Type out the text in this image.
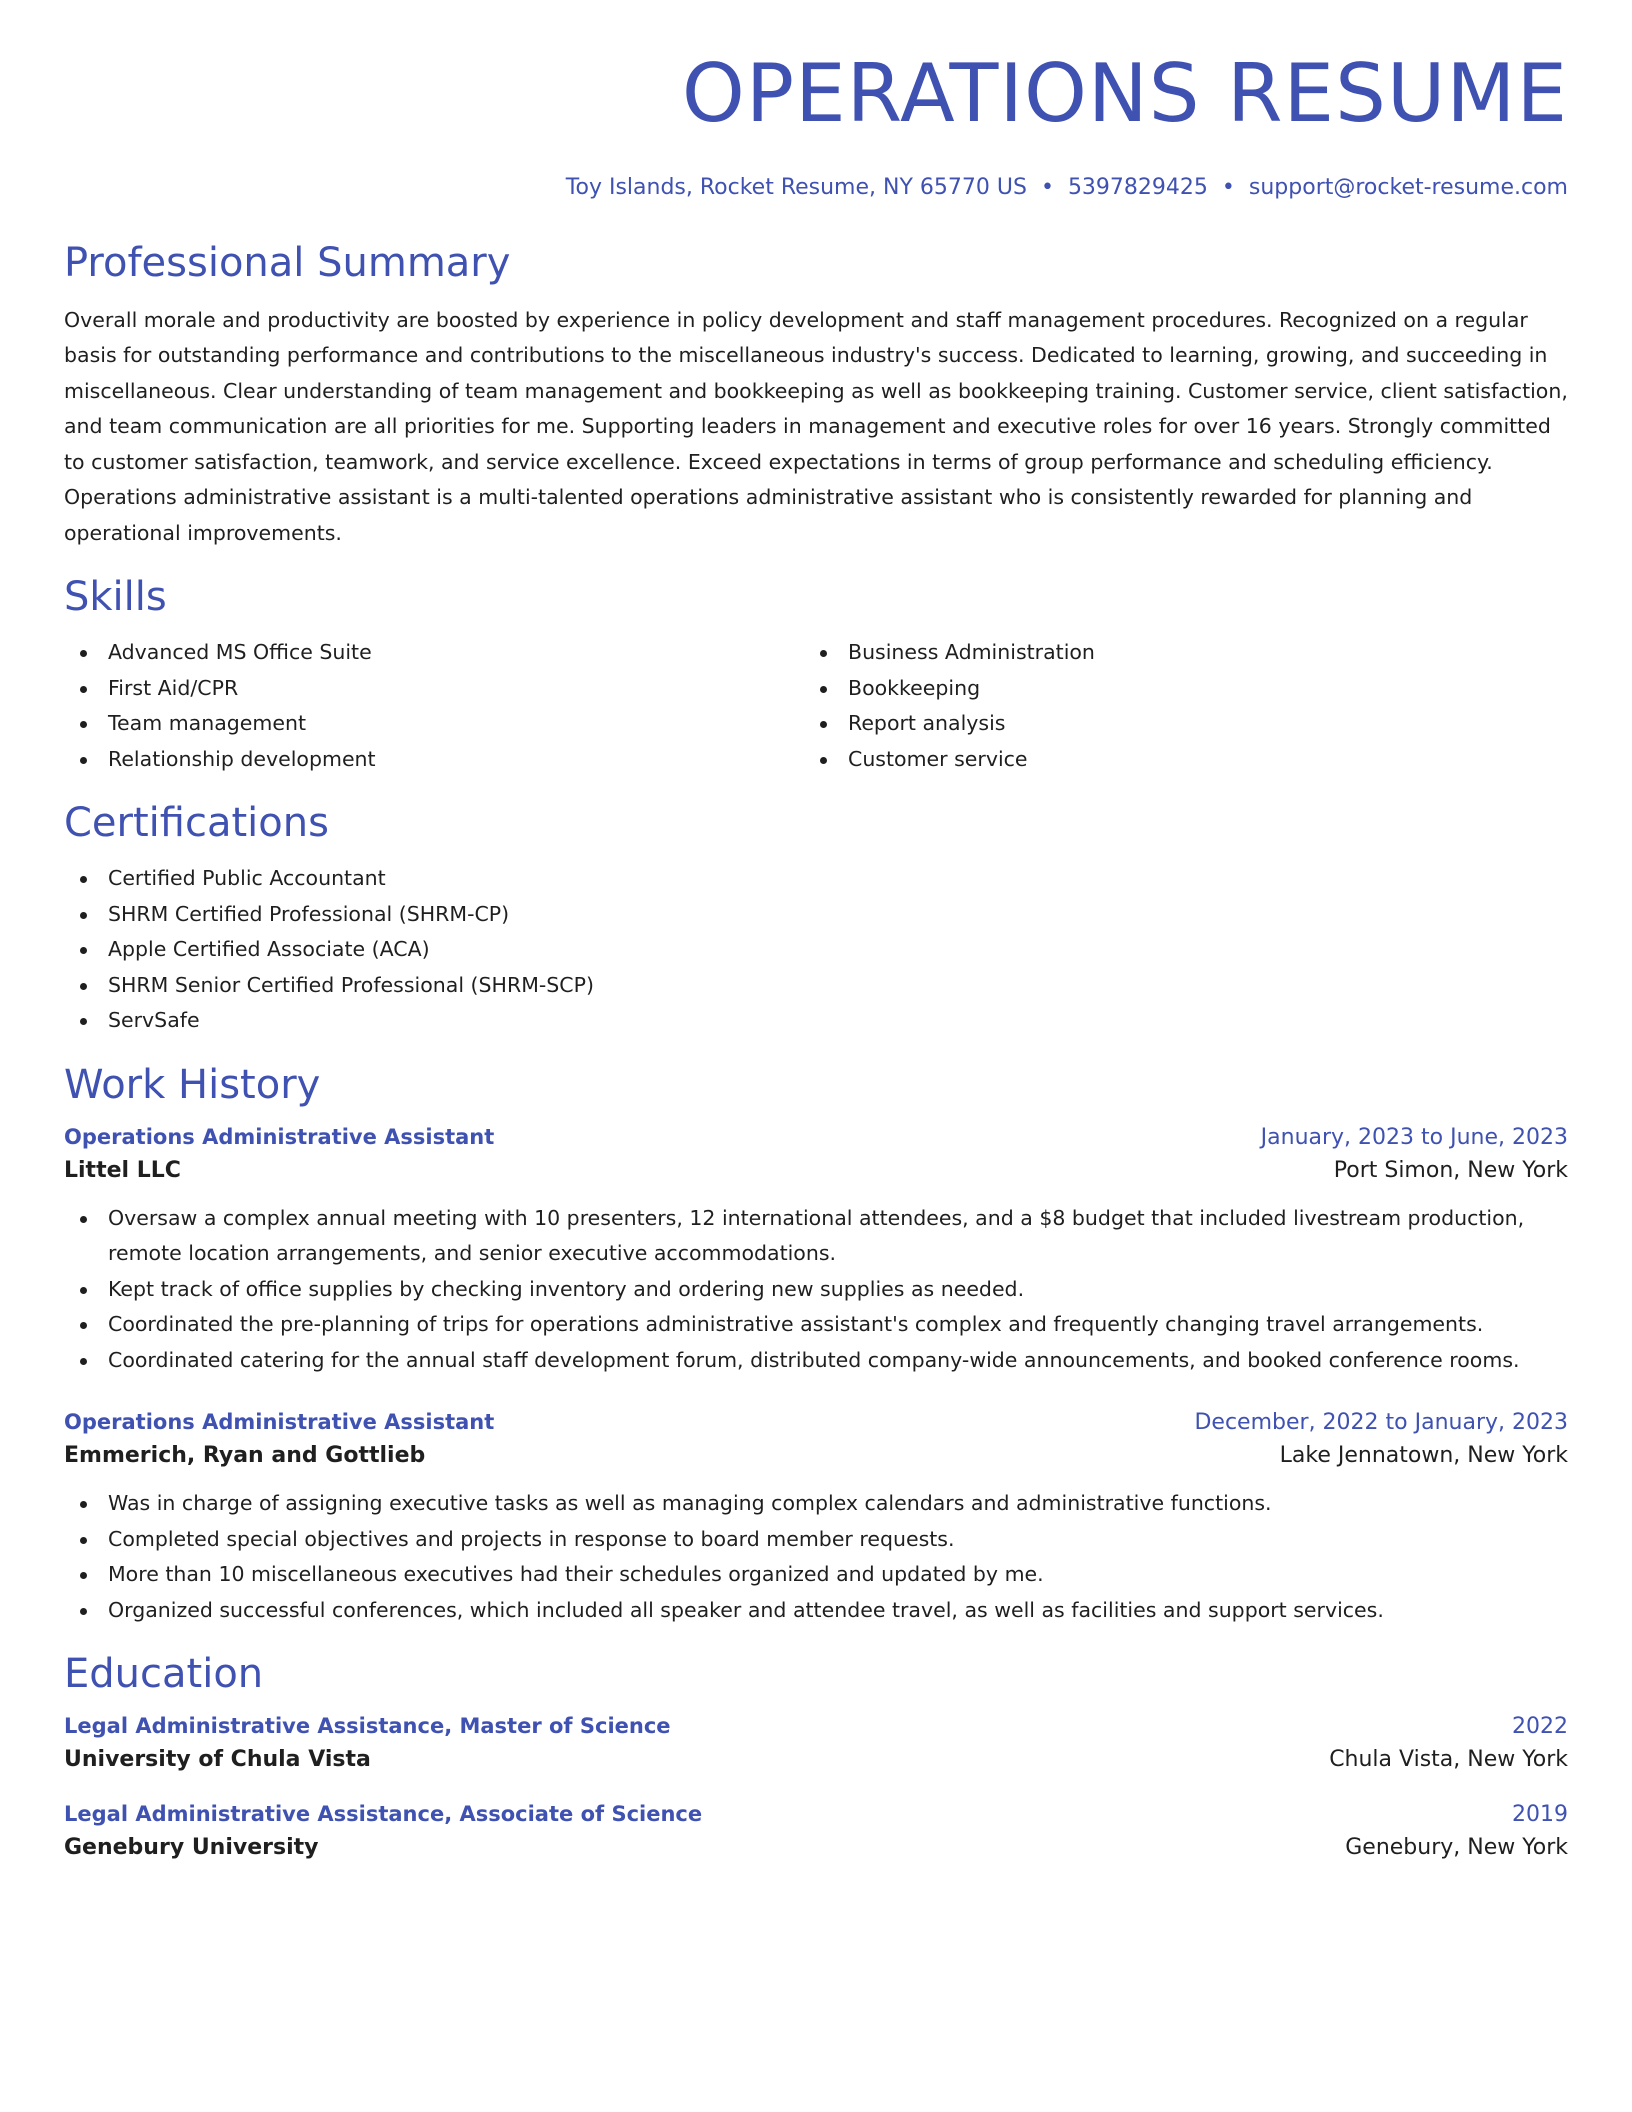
OPERATIONS RESUME
Toy Islands, Rocket Resume, NY 65770 US • 5397829425 • support@rocket-resume.com
Professional Summary
Overall morale and productivity are boosted by experience in policy development and staff management procedures. Recognized on a regular basis for outstanding performance and contributions to the miscellaneous industry's success. Dedicated to learning, growing, and succeeding in miscellaneous. Clear understanding of team management and bookkeeping as well as bookkeeping training. Customer service, client satisfaction, and team communication are all priorities for me. Supporting leaders in management and executive roles for over 16 years. Strongly committed to customer satisfaction, teamwork, and service excellence. Exceed expectations in terms of group performance and scheduling efficiency. Operations administrative assistant is a multi-talented operations administrative assistant who is consistently rewarded for planning and operational improvements.
Skills
Advanced MS Office Suite
First Aid/CPR
Team management
Relationship development
Business Administration
Bookkeeping
Report analysis
Customer service
Certifications
Certified Public Accountant
SHRM Certified Professional (SHRM-CP)
Apple Certified Associate (ACA)
SHRM Senior Certified Professional (SHRM-SCP)
ServSafe
Work History
Operations Administrative Assistant	January, 2023 to June, 2023
Littel LLC	Port Simon, New York
Oversaw a complex annual meeting with 10 presenters, 12 international attendees, and a $8 budget that included livestream production, remote location arrangements, and senior executive accommodations.
Kept track of office supplies by checking inventory and ordering new supplies as needed.
Coordinated the pre-planning of trips for operations administrative assistant's complex and frequently changing travel arrangements.
Coordinated catering for the annual staff development forum, distributed company-wide announcements, and booked conference rooms.
Operations Administrative Assistant	December, 2022 to January, 2023
Emmerich, Ryan and Gottlieb	Lake Jennatown, New York
Was in charge of assigning executive tasks as well as managing complex calendars and administrative functions.
Completed special objectives and projects in response to board member requests.
More than 10 miscellaneous executives had their schedules organized and updated by me.
Organized successful conferences, which included all speaker and attendee travel, as well as facilities and support services.
Education
Legal Administrative Assistance, Master of Science	2022
University of Chula Vista	Chula Vista, New York
Legal Administrative Assistance, Associate of Science	2019
Genebury University	Genebury, New York
